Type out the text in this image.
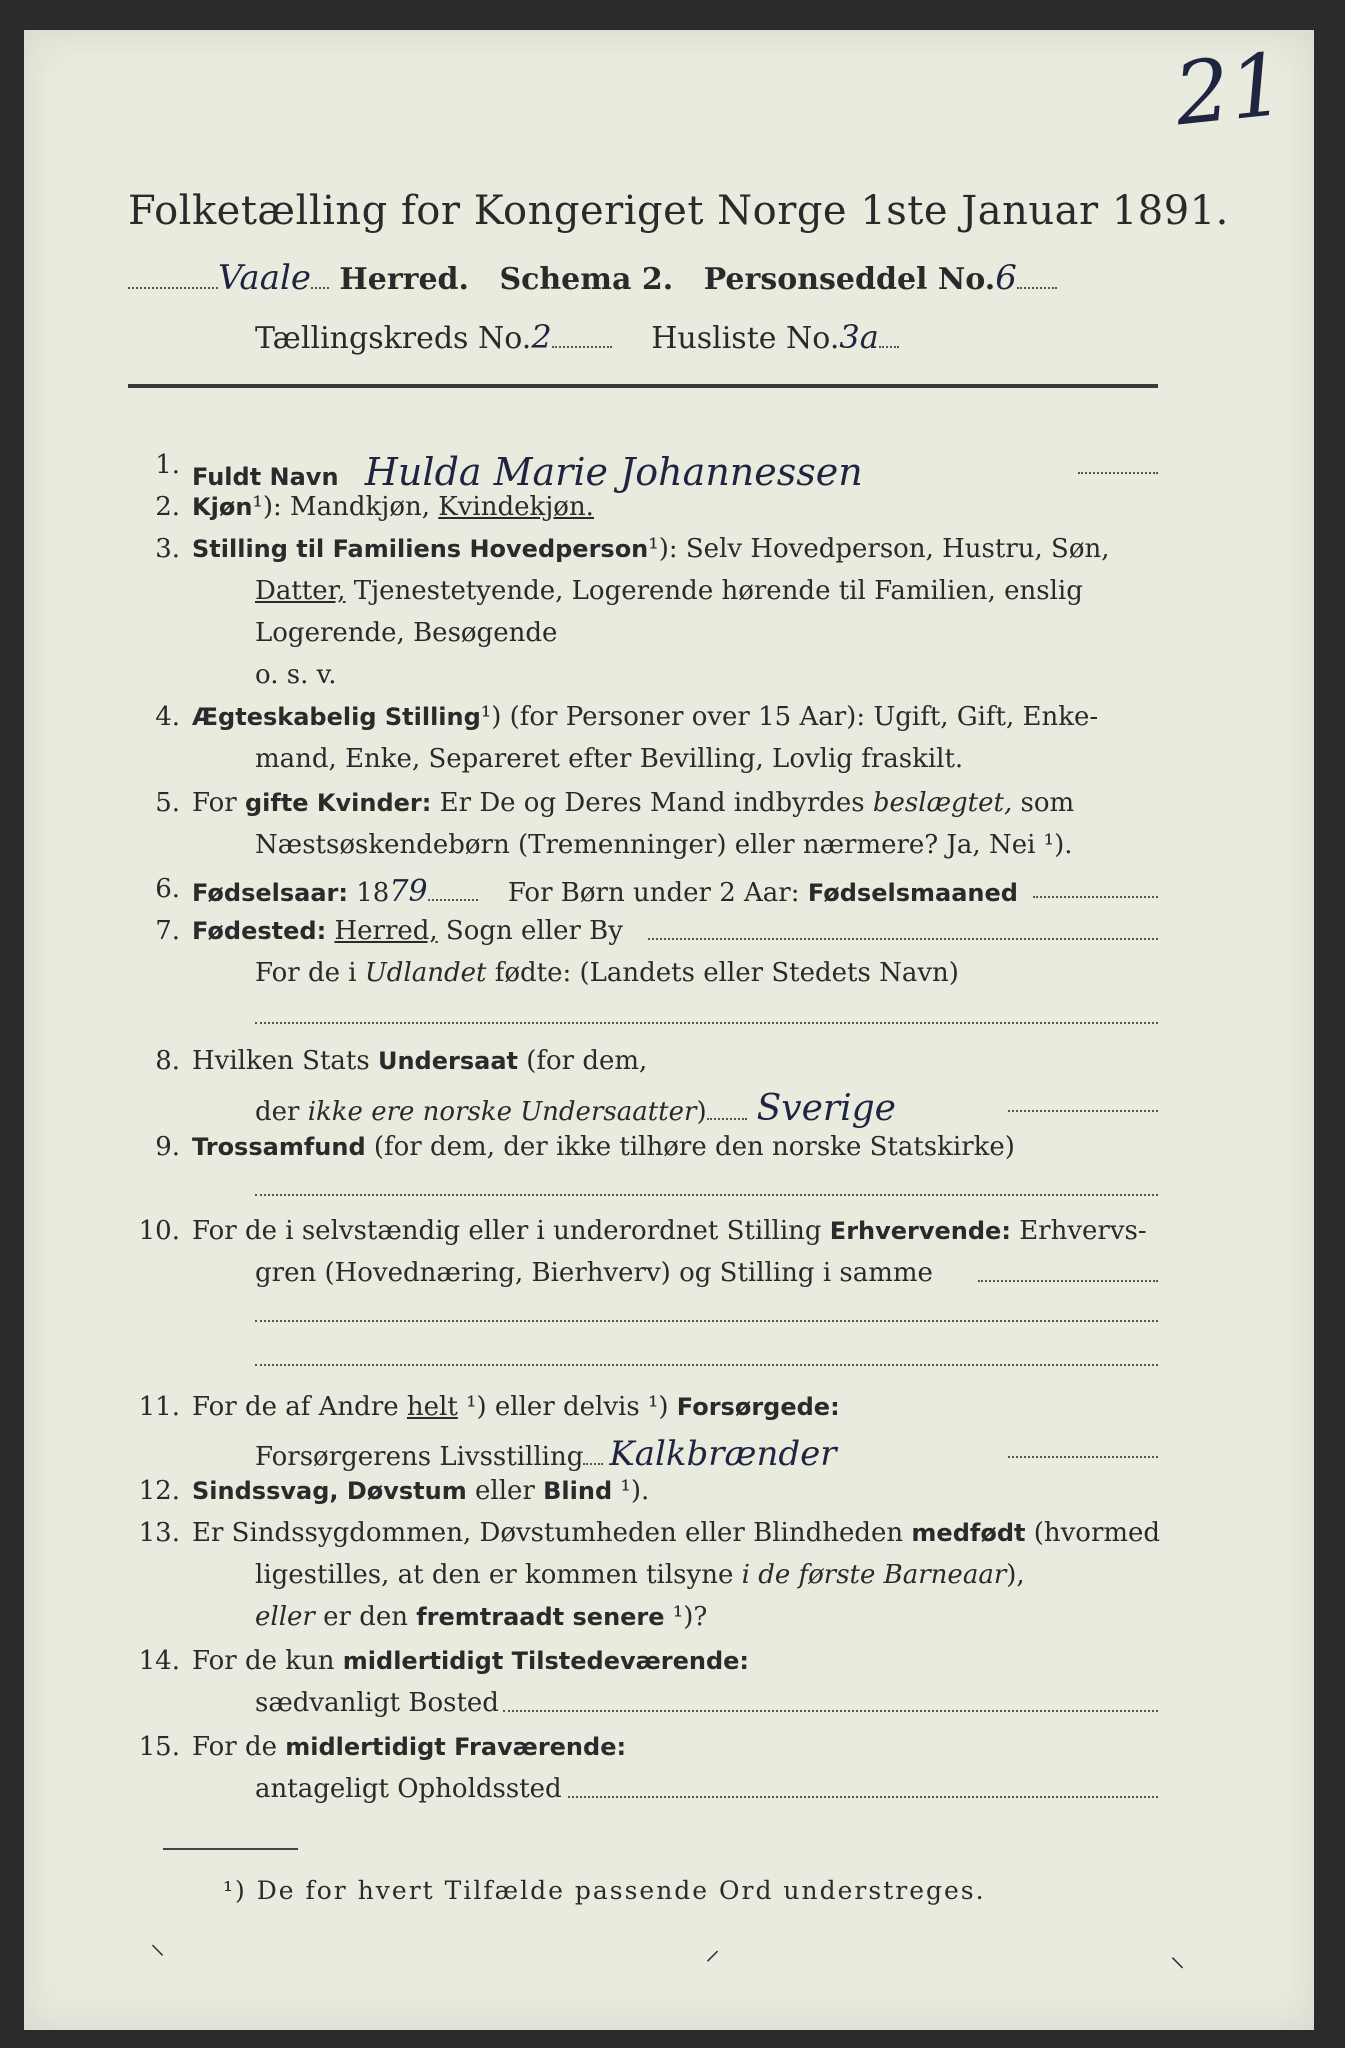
21
Folketælling for Kongeriget Norge 1ste Januar 1891.
Vaale Herred. Schema 2. Personseddel No.6
Tællingskreds No.2	Husliste No.3a
1. Fuldt Navn Hulda Marie Johannessen
2. Kjøn¹): Mandkjøn, Kvindekjøn.
3. Stilling til Familiens Hovedperson¹): Selv Hovedperson, Hustru, Søn,
Datter, Tjenestetyende, Logerende hørende til Familien, enslig
Logerende, Besøgende
o. s. v.
4. Ægteskabelig Stilling¹) (for Personer over 15 Aar): Ugift, Gift, Enke-
mand, Enke, Separeret efter Bevilling, Lovlig fraskilt.
5. For gifte Kvinder: Er De og Deres Mand indbyrdes beslægtet, som
Næstsøskendebørn (Tremenninger) eller nærmere? Ja, Nei ¹).
6. Fødselsaar: 1879	For Børn under 2 Aar: Fødselsmaaned
7. Fødested: Herred, Sogn eller By
For de i Udlandet fødte: (Landets eller Stedets Navn)
8. Hvilken Stats Undersaat (for dem,
der ikke ere norske Undersaatter) Sverige
9. Trossamfund (for dem, der ikke tilhøre den norske Statskirke)
10. For de i selvstændig eller i underordnet Stilling Erhvervende: Erhvervs-
gren (Hovednæring, Bierhverv) og Stilling i samme
11. For de af Andre helt ¹) eller delvis ¹) Forsørgede:
Forsørgerens Livsstilling Kalkbrænder
12. Sindssvag, Døvstum eller Blind ¹).
13. Er Sindssygdommen, Døvstumheden eller Blindheden medfødt (hvormed
ligestilles, at den er kommen tilsyne i de første Barneaar),
eller er den fremtraadt senere ¹)?
14. For de kun midlertidigt Tilstedeværende:
sædvanligt Bosted
15. For de midlertidigt Fraværende:
antageligt Opholdssted
¹) De for hvert Tilfælde passende Ord understreges.
⸌	⸍	⸜
